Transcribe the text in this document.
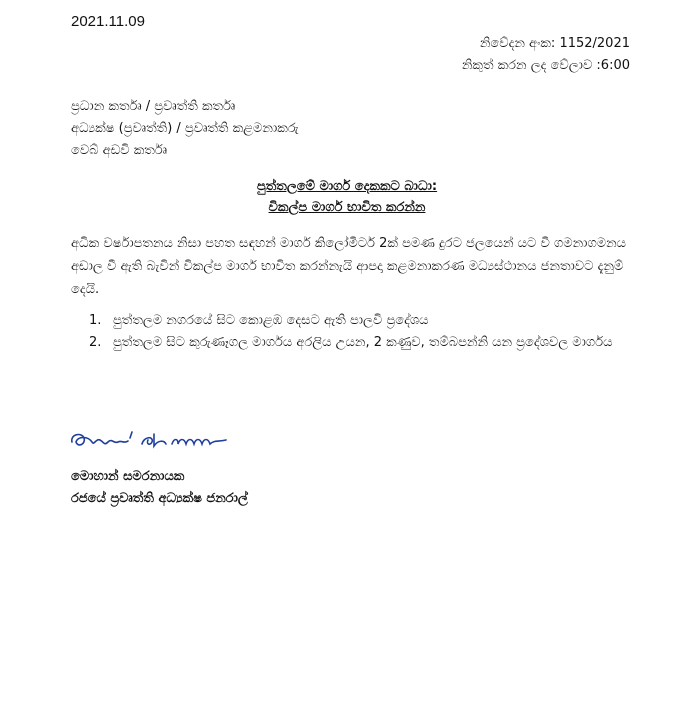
2021.11.09
නිවේදන අංක: 1152/2021
නිකුත් කරන ලද වේලාව :6:00
ප්‍රධාන කර්තෘ / ප්‍රවෘත්ති කර්තෘ
අධ්‍යක්ෂ (ප්‍රවෘත්ති) / ප්‍රවෘත්ති කළමනාකරු
වෙබ් අඩවි කර්තෘ
පුත්තලමේ මාර්ග දෙකකට බාධා:
විකල්ප මාර්ග භාවිත කරන්න

අධික වර්ෂාපතනය නිසා පහත සඳහන් මාර්ග කිලෝමීටර් 2ක් පමණ දුරට ජලයෙන් යට වී ගමනාගමනය අඩාල වී ඇති බැවින් විකල්ප මාර්ග භාවිත කරන්නැයි ආපදා කළමනාකරණ මධ්‍යස්ථානය ජනතාවට දැනුම් දෙයි.

1. පුත්තලම නගරයේ සිට කොළඹ දෙසට ඇති පාලවි ප්‍රදේශය
2. පුත්තලම සිට කුරුණෑගල මාර්ගය අරලිය උයන, 2 කණුව, තම්බපන්නි යන ප්‍රදේශවල මාර්ගය
මොහාන් සමරනායක
රජයේ ප්‍රවෘත්ති අධ්‍යක්ෂ ජනරාල්
